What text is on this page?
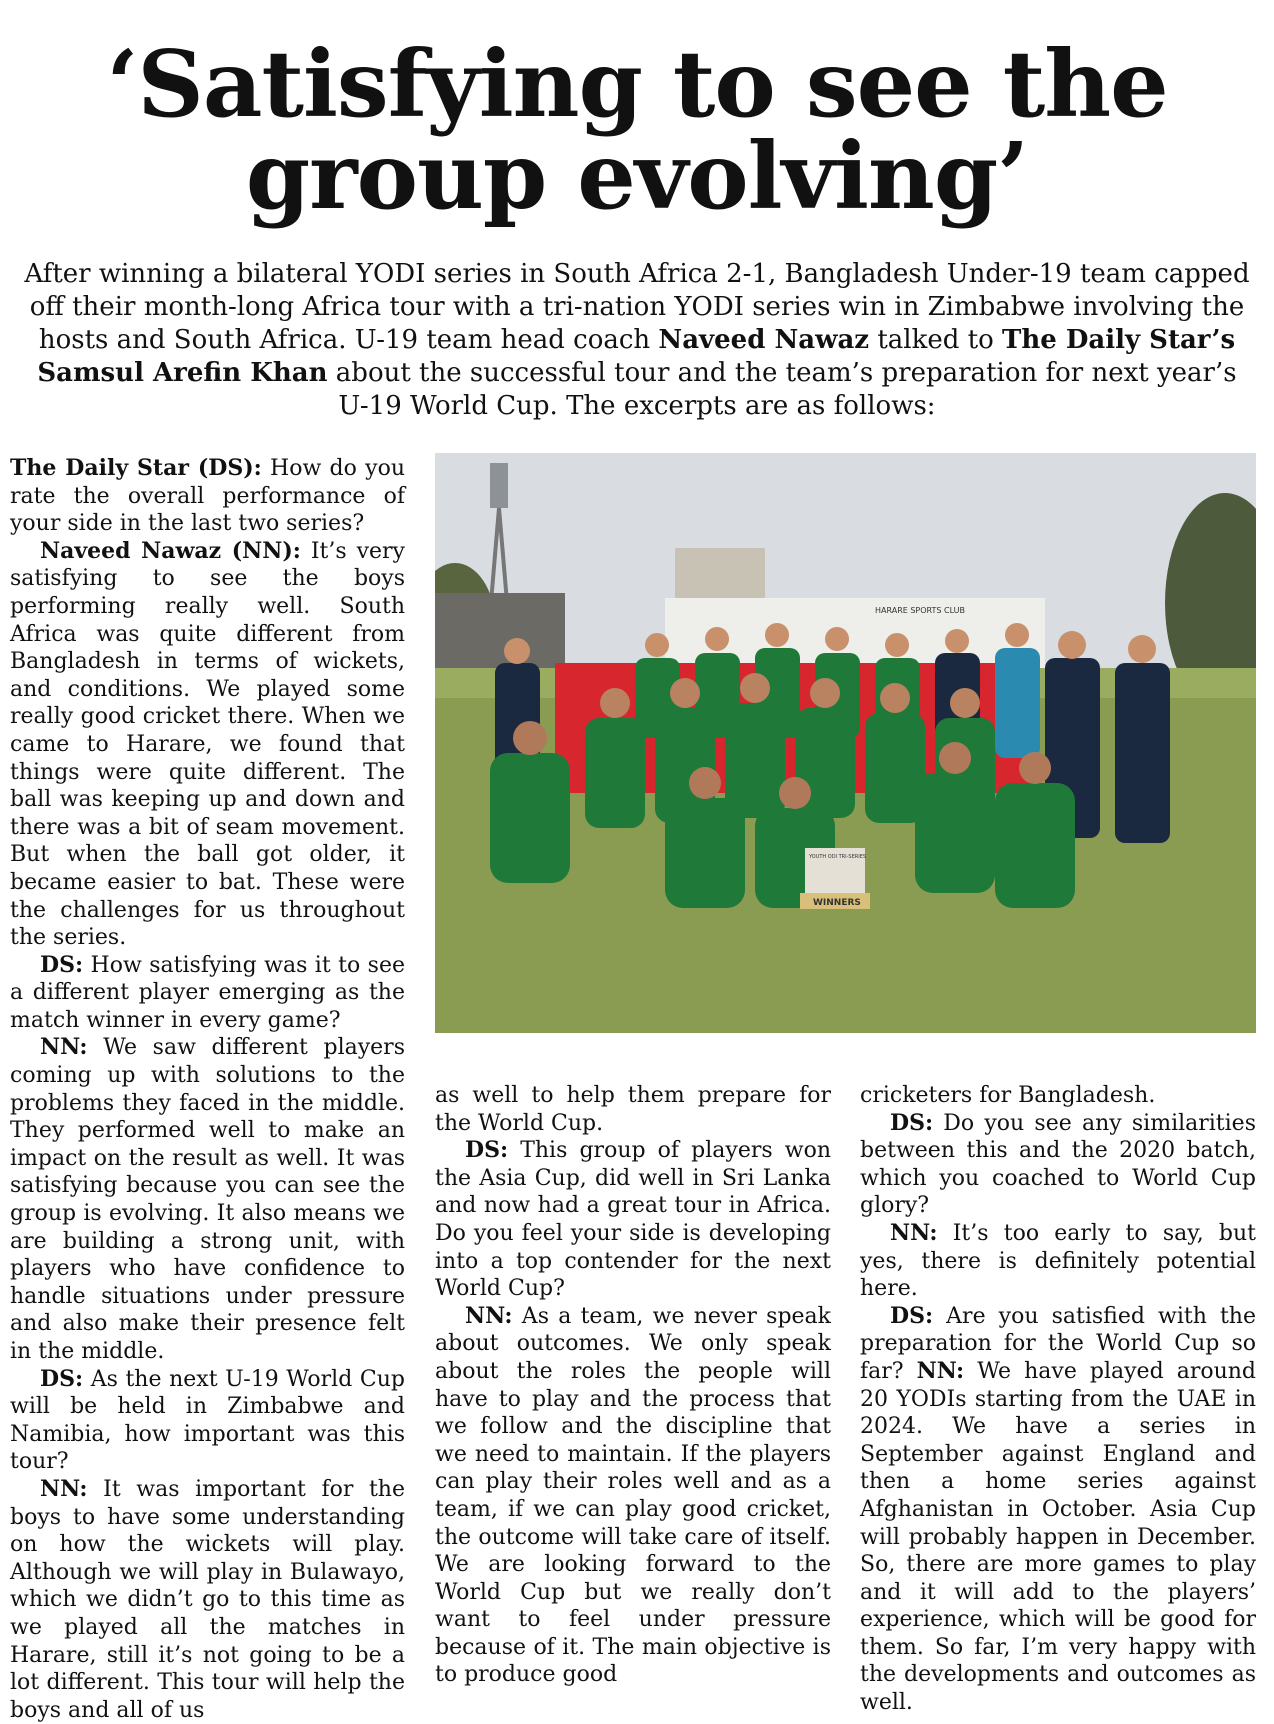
‘Satisfying to see the
group evolving’

After winning a bilateral YODI series in South Africa 2-1, Bangladesh Under-19 team capped off their month-long Africa tour with a tri-nation YODI series win in Zimbabwe involving the hosts and South Africa. U-19 team head coach Naveed Nawaz talked to The Daily Star’s Samsul Arefin Khan about the successful tour and the team’s preparation for next year’s U-19 World Cup. The excerpts are as follows:

The Daily Star (DS): How do you rate the overall performance of your side in the last two series?

Naveed Nawaz (NN): It’s very satisfying to see the boys performing really well. South Africa was quite different from Bangladesh in terms of wickets, and conditions. We played some really good cricket there. When we came to Harare, we found that things were quite different. The ball was keeping up and down and there was a bit of seam movement. But when the ball got older, it became easier to bat. These were the challenges for us throughout the series.

DS: How satisfying was it to see a different player emerging as the match winner in every game?

NN: We saw different players coming up with solutions to the problems they faced in the middle. They performed well to make an impact on the result as well. It was satisfying because you can see the group is evolving. It also means we are building a strong unit, with players who have confidence to handle situations under pressure and also make their presence felt in the middle.

DS: As the next U-19 World Cup will be held in Zimbabwe and Namibia, how important was this tour?

NN: It was important for the boys to have some understanding on how the wickets will play. Although we will play in Bulawayo, which we didn’t go to this time as we played all the matches in Harare, still it’s not going to be a lot different. This tour will help the boys and all of us

HARARE SPORTS CLUB
YOUTH ODI TRI-SERIES
WINNERS

as well to help them prepare for the World Cup.

DS: This group of players won the Asia Cup, did well in Sri Lanka and now had a great tour in Africa. Do you feel your side is developing into a top contender for the next World Cup?

NN: As a team, we never speak about outcomes. We only speak about the roles the people will have to play and the process that we follow and the discipline that we need to maintain. If the players can play their roles well and as a team, if we can play good cricket, the outcome will take care of itself. We are looking forward to the World Cup but we really don’t want to feel under pressure because of it. The main objective is to produce good

cricketers for Bangladesh.

DS: Do you see any similarities between this and the 2020 batch, which you coached to World Cup glory?

NN: It’s too early to say, but yes, there is definitely potential here.

DS: Are you satisfied with the preparation for the World Cup so far? NN: We have played around 20 YODIs starting from the UAE in 2024. We have a series in September against England and then a home series against Afghanistan in October. Asia Cup will probably happen in December. So, there are more games to play and it will add to the players’ experience, which will be good for them. So far, I’m very happy with the developments and outcomes as well.
